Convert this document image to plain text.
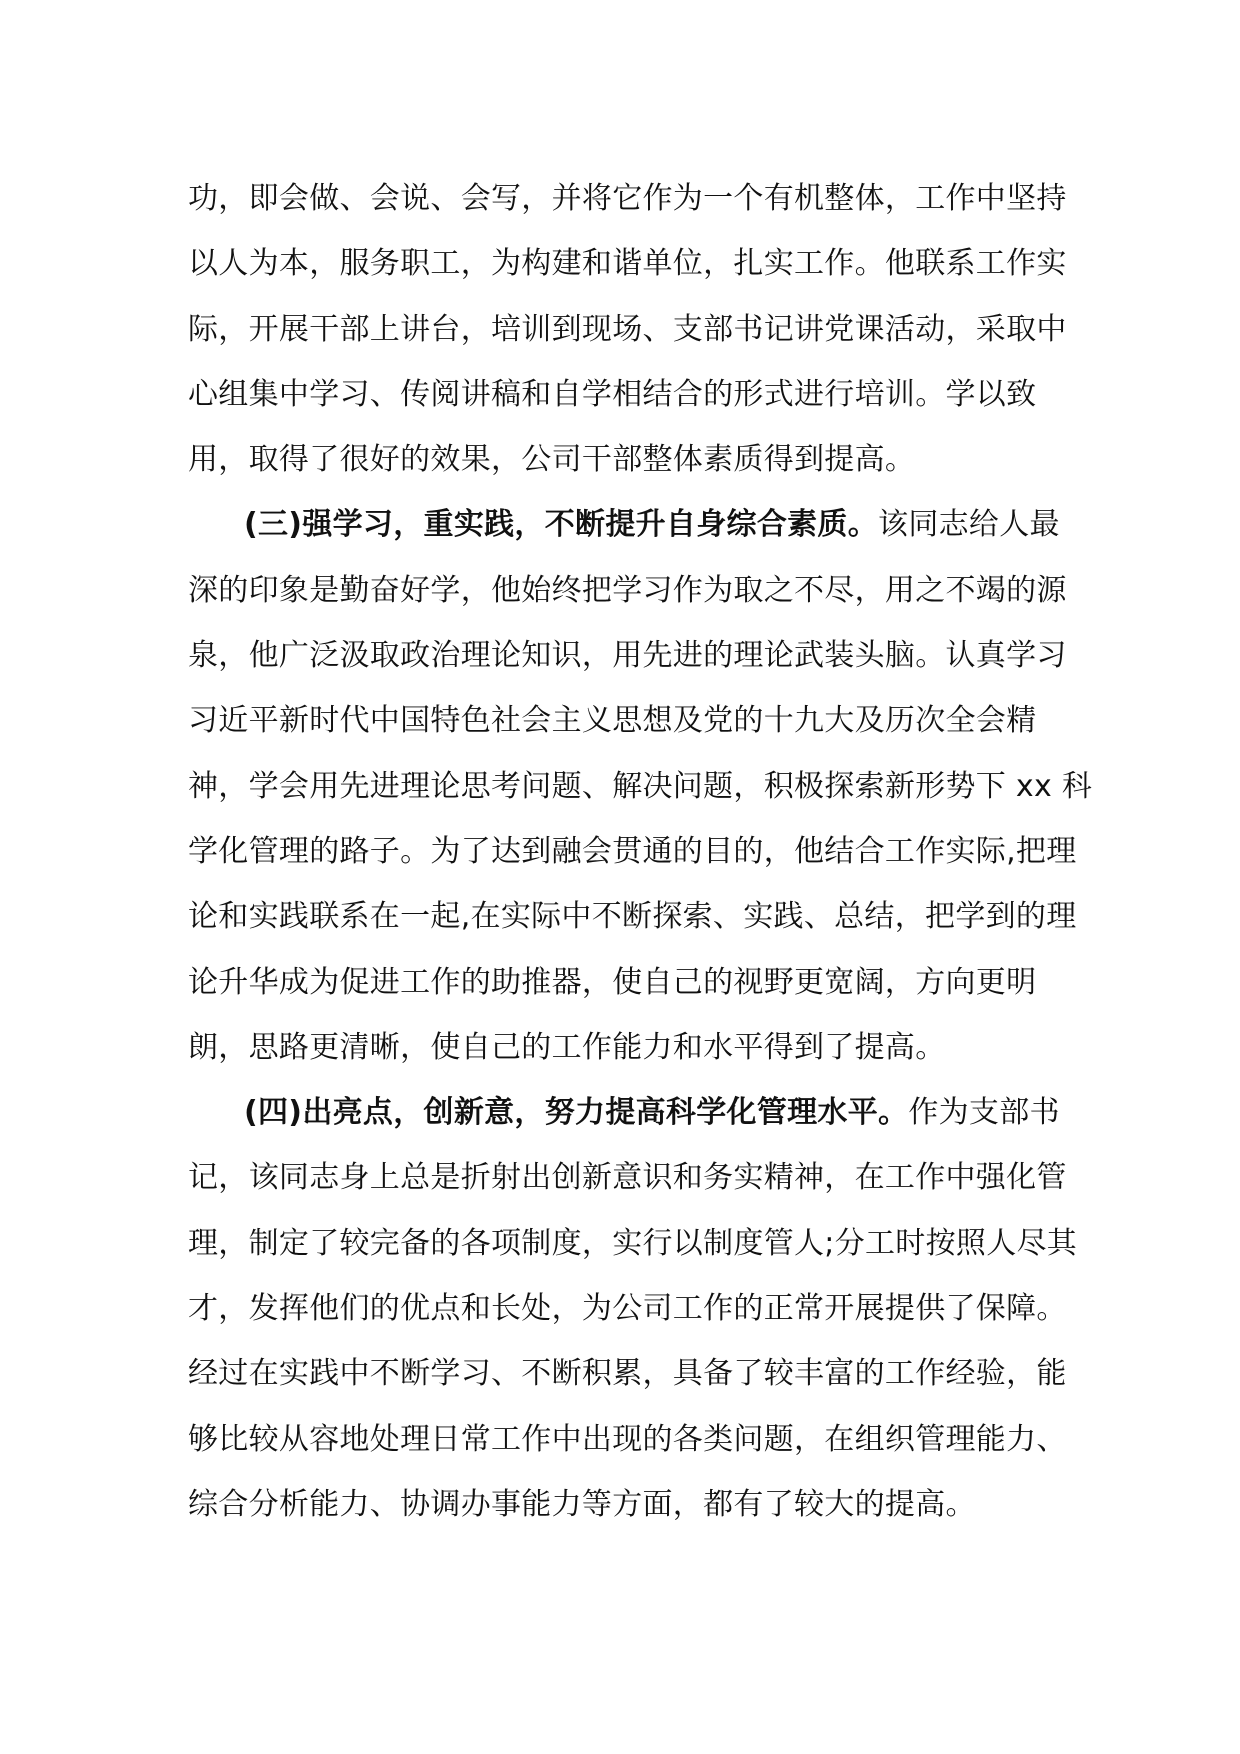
功，即会做、会说、会写，并将它作为一个有机整体，工作中坚持
以人为本，服务职工，为构建和谐单位，扎实工作。他联系工作实
际，开展干部上讲台，培训到现场、支部书记讲党课活动，采取中
心组集中学习、传阅讲稿和自学相结合的形式进行培训。学以致
用，取得了很好的效果，公司干部整体素质得到提高。
(三)强学习，重实践，不断提升自身综合素质。该同志给人最
深的印象是勤奋好学，他始终把学习作为取之不尽，用之不竭的源
泉，他广泛汲取政治理论知识，用先进的理论武装头脑。认真学习
习近平新时代中国特色社会主义思想及党的十九大及历次全会精
神，学会用先进理论思考问题、解决问题，积极探索新形势下 xx 科
学化管理的路子。为了达到融会贯通的目的，他结合工作实际,把理
论和实践联系在一起,在实际中不断探索、实践、总结，把学到的理
论升华成为促进工作的助推器，使自己的视野更宽阔，方向更明
朗，思路更清晰，使自己的工作能力和水平得到了提高。
(四)出亮点，创新意，努力提高科学化管理水平。作为支部书
记，该同志身上总是折射出创新意识和务实精神，在工作中强化管
理，制定了较完备的各项制度，实行以制度管人;分工时按照人尽其
才，发挥他们的优点和长处，为公司工作的正常开展提供了保障。
经过在实践中不断学习、不断积累，具备了较丰富的工作经验，能
够比较从容地处理日常工作中出现的各类问题，在组织管理能力、
综合分析能力、协调办事能力等方面，都有了较大的提高。
